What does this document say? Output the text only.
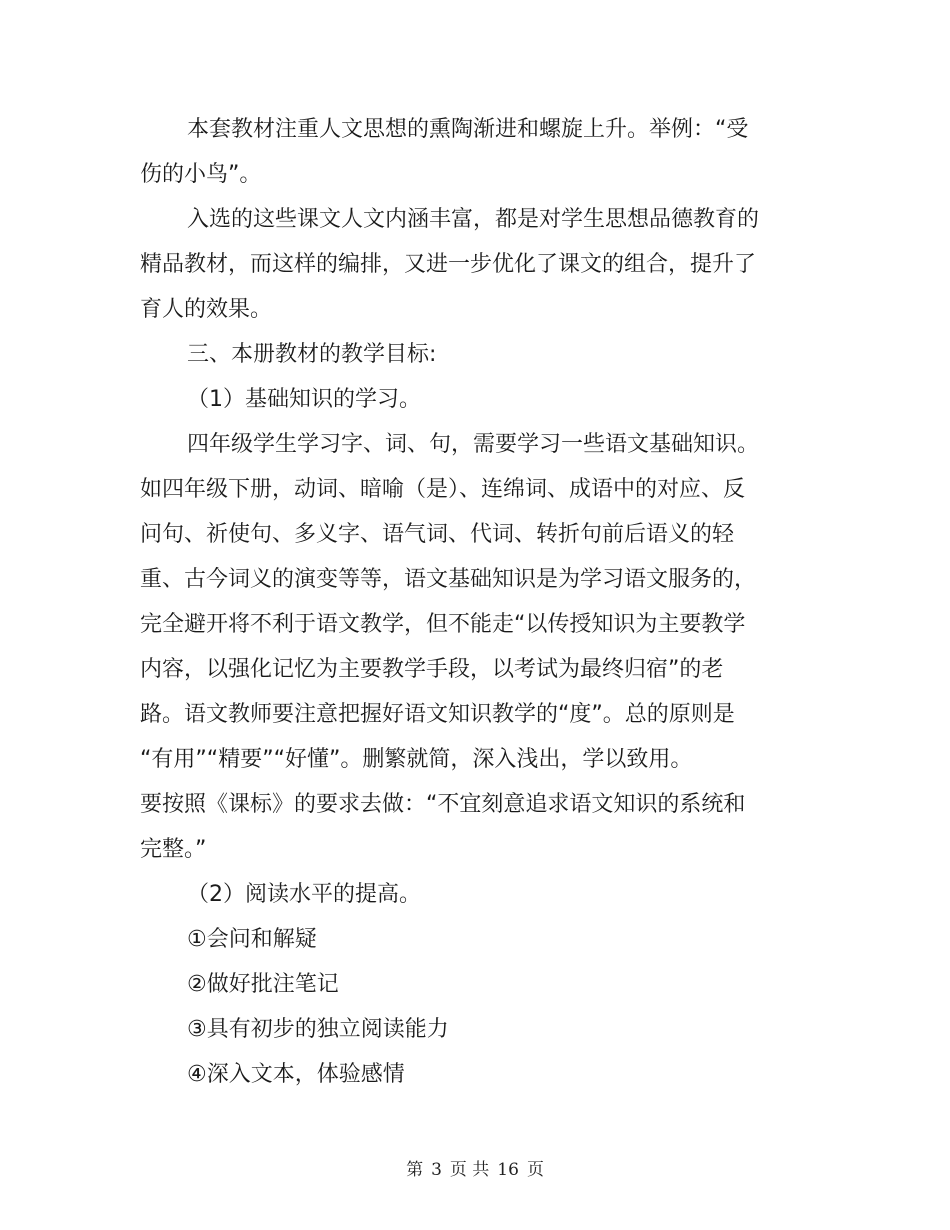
本套教材注重人文思想的熏陶渐进和螺旋上升。举例：“受
伤的小鸟”。
入选的这些课文人文内涵丰富，都是对学生思想品德教育的
精品教材，而这样的编排，又进一步优化了课文的组合，提升了
育人的效果。
三、本册教材的教学目标:
（1）基础知识的学习。
四年级学生学习字、词、句，需要学习一些语文基础知识。
如四年级下册，动词、暗喻（是）、连绵词、成语中的对应、反
问句、祈使句、多义字、语气词、代词、转折句前后语义的轻
重、古今词义的演变等等，语文基础知识是为学习语文服务的，
完全避开将不利于语文教学，但不能走“以传授知识为主要教学
内容，以强化记忆为主要教学手段，以考试为最终归宿”的老
路。语文教师要注意把握好语文知识教学的“度”。总的原则是
“有用”“精要”“好懂”。删繁就简，深入浅出，学以致用。
要按照《课标》的要求去做：“不宜刻意追求语文知识的系统和
完整。”
（2）阅读水平的提高。
①会问和解疑
②做好批注笔记
③具有初步的独立阅读能力
④深入文本，体验感情
第 3 页 共 16 页
